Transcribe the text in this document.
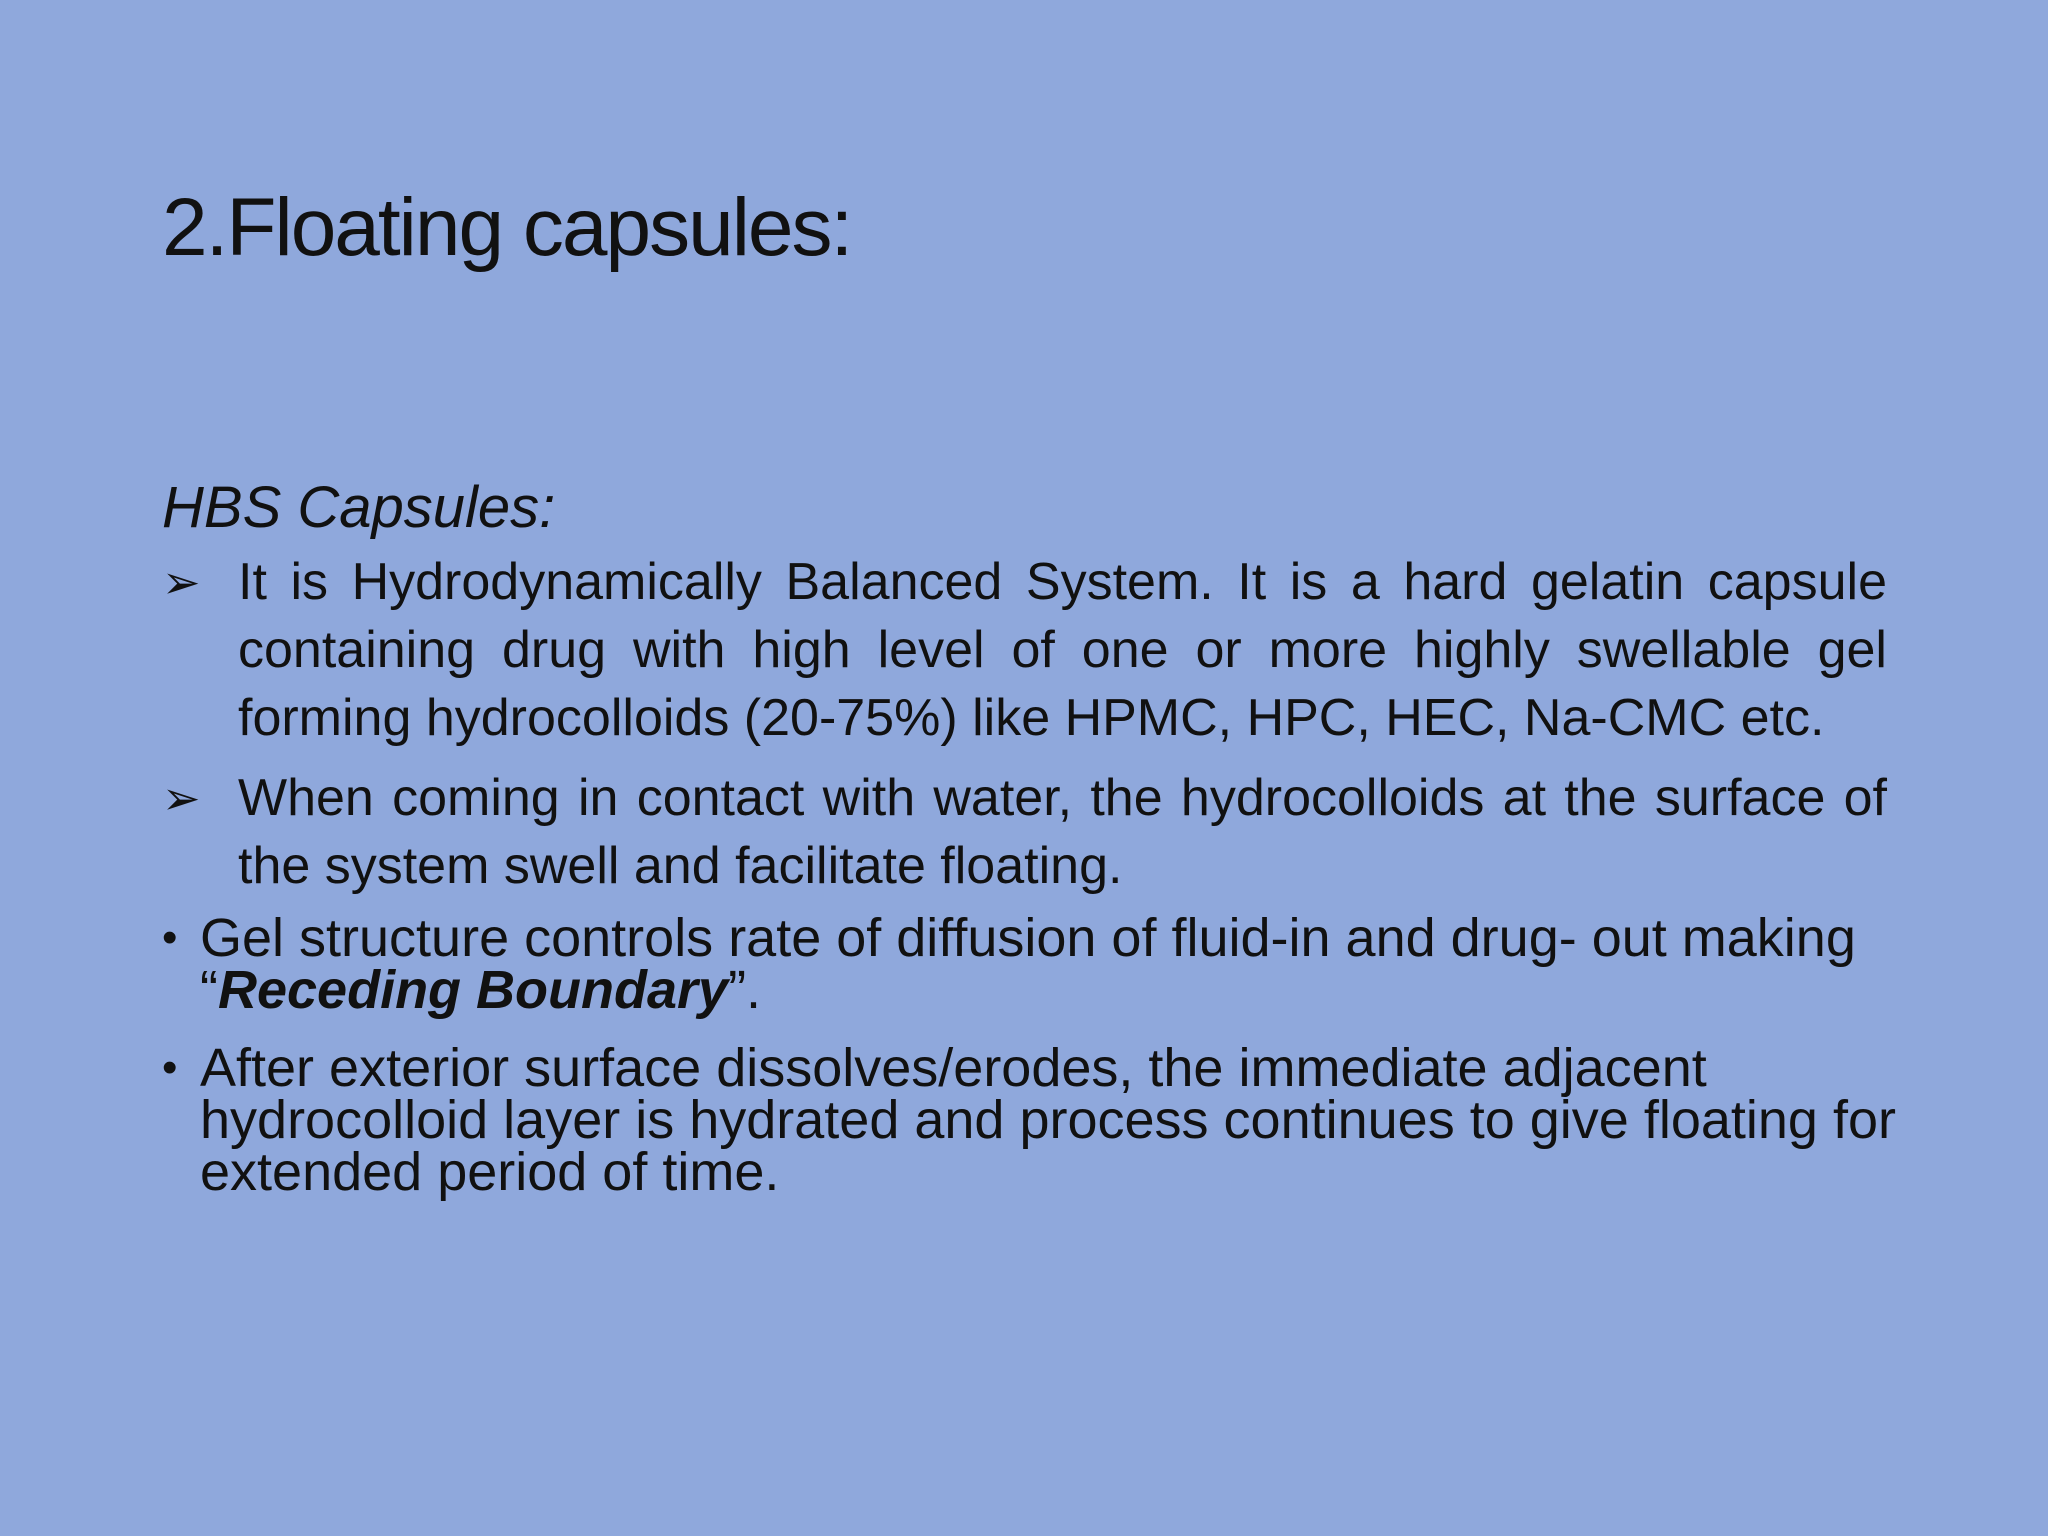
2.Floating capsules:
HBS Capsules:
➢ It is Hydrodynamically Balanced System. It is a hard gelatin capsule containing drug with high level of one or more highly swellable gel forming hydrocolloids (20-75%) like HPMC, HPC, HEC, Na-CMC etc.
➢ When coming in contact with water, the hydrocolloids at the surface of the system swell and facilitate floating.
• Gel structure controls rate of diffusion of fluid-in and drug- out making “Receding Boundary”.
• After exterior surface dissolves/erodes, the immediate adjacent hydrocolloid layer is hydrated and process continues to give floating for extended period of time.
